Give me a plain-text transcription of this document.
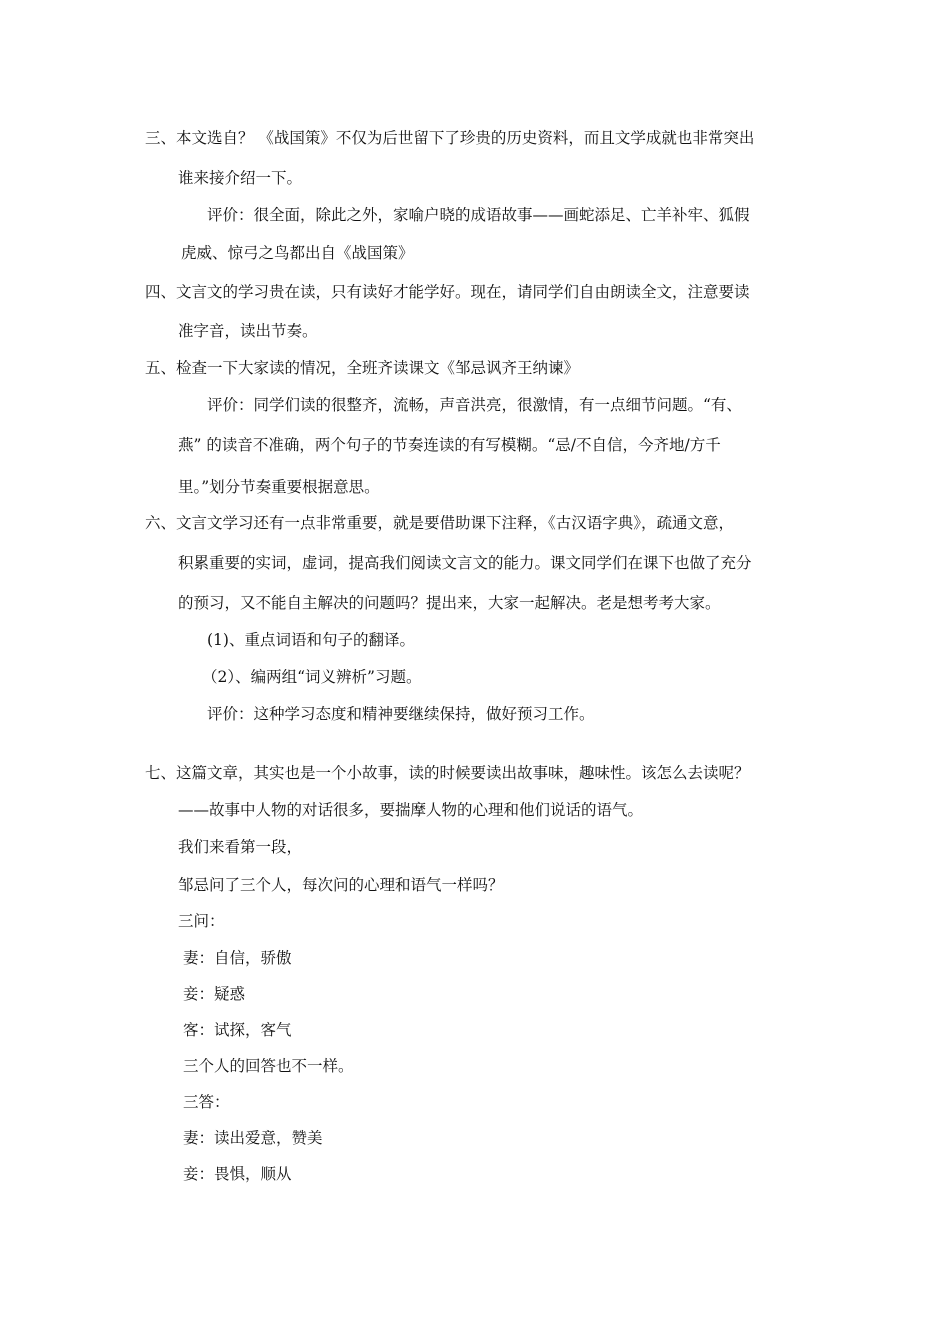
三、本文选自？ 《战国策》不仅为后世留下了珍贵的历史资料，而且文学成就也非常突出
谁来接介绍一下。
评价：很全面，除此之外，家喻户晓的成语故事——画蛇添足、亡羊补牢、狐假
虎威、惊弓之鸟都出自《战国策》
四、文言文的学习贵在读，只有读好才能学好。现在，请同学们自由朗读全文，注意要读
准字音，读出节奏。
五、检查一下大家读的情况，全班齐读课文《邹忌讽齐王纳谏》
评价：同学们读的很整齐，流畅，声音洪亮，很激情，有一点细节问题。“有、
燕” 的读音不准确，两个句子的节奏连读的有写模糊。“忌/不自信，今齐地/方千
里。”划分节奏重要根据意思。
六、文言文学习还有一点非常重要，就是要借助课下注释，《古汉语字典》，疏通文意，
积累重要的实词，虚词，提高我们阅读文言文的能力。课文同学们在课下也做了充分
的预习，又不能自主解决的问题吗？提出来，大家一起解决。老是想考考大家。
(1)、重点词语和句子的翻译。
（2）、编两组“词义辨析”习题。
评价：这种学习态度和精神要继续保持，做好预习工作。
七、这篇文章，其实也是一个小故事，读的时候要读出故事味，趣味性。该怎么去读呢？
——故事中人物的对话很多，要揣摩人物的心理和他们说话的语气。
我们来看第一段，
邹忌问了三个人，每次问的心理和语气一样吗？
三问：
妻：自信，骄傲
妾：疑惑
客：试探，客气
三个人的回答也不一样。
三答：
妻：读出爱意，赞美
妾：畏惧，顺从
